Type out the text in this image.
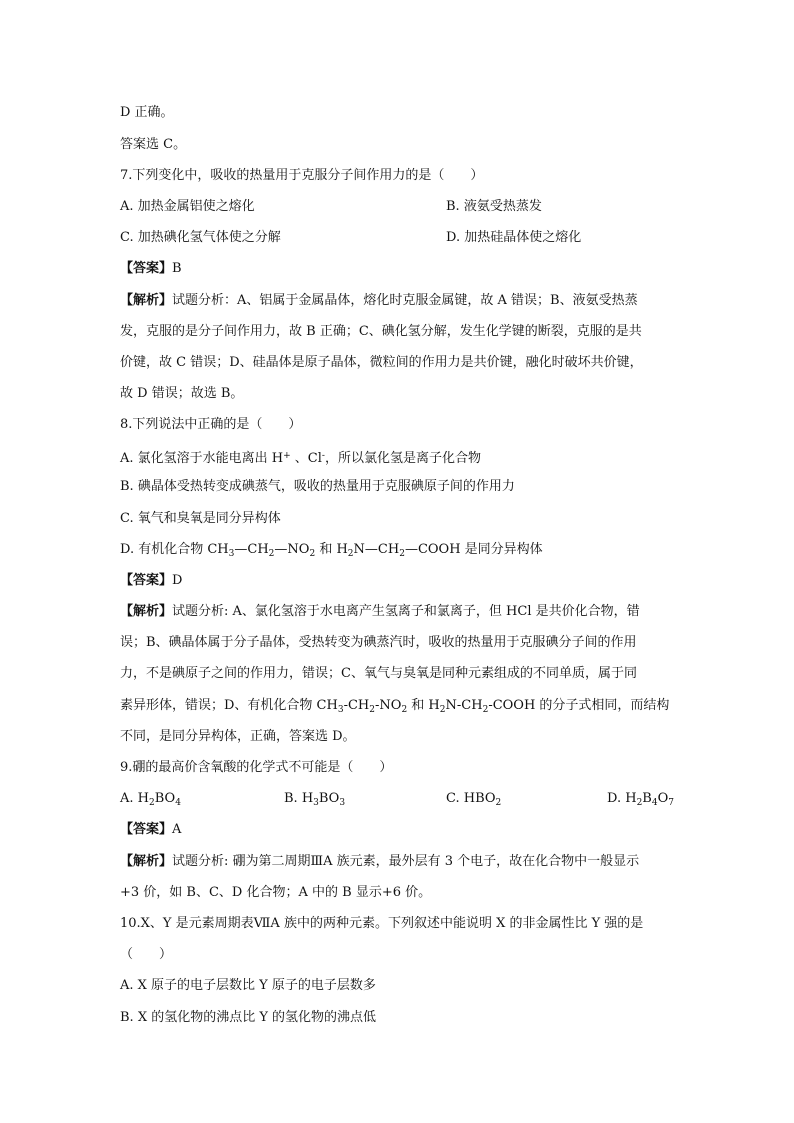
D 正确。
答案选 C。
7.下列变化中，吸收的热量用于克服分子间作用力的是（　　）
A. 加热金属铝使之熔化	B. 液氨受热蒸发
C. 加热碘化氢气体使之分解	D. 加热硅晶体使之熔化
【答案】B
【解析】试题分析：A、铝属于金属晶体，熔化时克服金属键，故 A 错误；B、液氨受热蒸
发，克服的是分子间作用力，故 B 正确；C、碘化氢分解，发生化学键的断裂，克服的是共
价键，故 C 错误；D、硅晶体是原子晶体，微粒间的作用力是共价键，融化时破坏共价键，
故 D 错误；故选 B。
8.下列说法中正确的是（　　）
A. 氯化氢溶于水能电离出 H+ 、Cl-，所以氯化氢是离子化合物
B. 碘晶体受热转变成碘蒸气，吸收的热量用于克服碘原子间的作用力
C. 氧气和臭氧是同分异构体
D. 有机化合物 $CH_3—CH_2—NO_2$ 和 $H_2N—CH_2—COOH$ 是同分异构体
【答案】D
【解析】试题分析: A、氯化氢溶于水电离产生氢离子和氯离子，但 HCl 是共价化合物，错
误；B、碘晶体属于分子晶体，受热转变为碘蒸汽时，吸收的热量用于克服碘分子间的作用
力，不是碘原子之间的作用力，错误；C、氧气与臭氧是同种元素组成的不同单质，属于同
素异形体，错误；D、有机化合物 $CH_3-CH_2-NO_2$ 和 $H_2N-CH_2$-COOH 的分子式相同，而结构
不同，是同分异构体，正确，答案选 D。
9.硼的最高价含氧酸的化学式不可能是（　　）
A. $H_2BO_4$	B. $H_3BO_3$	C. $HBO_2$	D. $H_2B_4O_7$
【答案】A
【解析】试题分析: 硼为第二周期ⅢA 族元素，最外层有 3 个电子，故在化合物中一般显示
+3 价，如 B、C、D 化合物；A 中的 B 显示+6 价。
10.X、Y 是元素周期表ⅦA 族中的两种元素。下列叙述中能说明 X 的非金属性比 Y 强的是
（　　）
A. X 原子的电子层数比 Y 原子的电子层数多
B. X 的氢化物的沸点比 Y 的氢化物的沸点低
